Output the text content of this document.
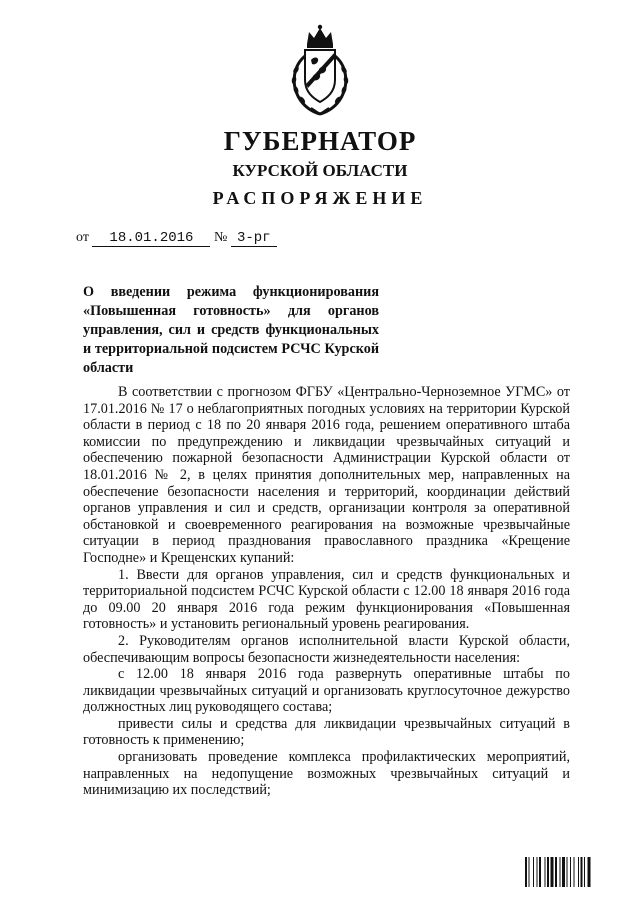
ГУБЕРНАТОР
КУРСКОЙ ОБЛАСТИ
РАСПОРЯЖЕНИЕ
от 18.01.2016 № 3-рг
О введении режима функционирования «Повышенная готовность» для органов управления, сил и средств функциональных и территориальной подсистем РСЧС Курской области

В соответствии с прогнозом ФГБУ «Центрально-Черноземное УГМС» от 17.01.2016 № 17 о неблагоприятных погодных условиях на территории Курской области в период с 18 по 20 января 2016 года, решением оперативного штаба комиссии по предупреждению и ликвидации чрезвычайных ситуаций и обеспечению пожарной безопасности Администрации Курской области от 18.01.2016 № 2, в целях принятия дополнительных мер, направленных на обеспечение безопасности населения и территорий, координации действий органов управления и сил и средств, организации контроля за оперативной обстановкой и своевременного реагирования на возможные чрезвычайные ситуации в период празднования православного праздника «Крещение Господне» и Крещенских купаний:

1. Ввести для органов управления, сил и средств функциональных и территориальной подсистем РСЧС Курской области с 12.00 18 января 2016 года до 09.00 20 января 2016 года режим функционирования «Повышенная готовность» и установить региональный уровень реагирования.

2. Руководителям органов исполнительной власти Курской области, обеспечивающим вопросы безопасности жизнедеятельности населения:

с 12.00 18 января 2016 года развернуть оперативные штабы по ликвидации чрезвычайных ситуаций и организовать круглосуточное дежурство должностных лиц руководящего состава;

привести силы и средства для ликвидации чрезвычайных ситуаций в готовность к применению;

организовать проведение комплекса профилактических мероприятий, направленных на недопущение возможных чрезвычайных ситуаций и минимизацию их последствий;
